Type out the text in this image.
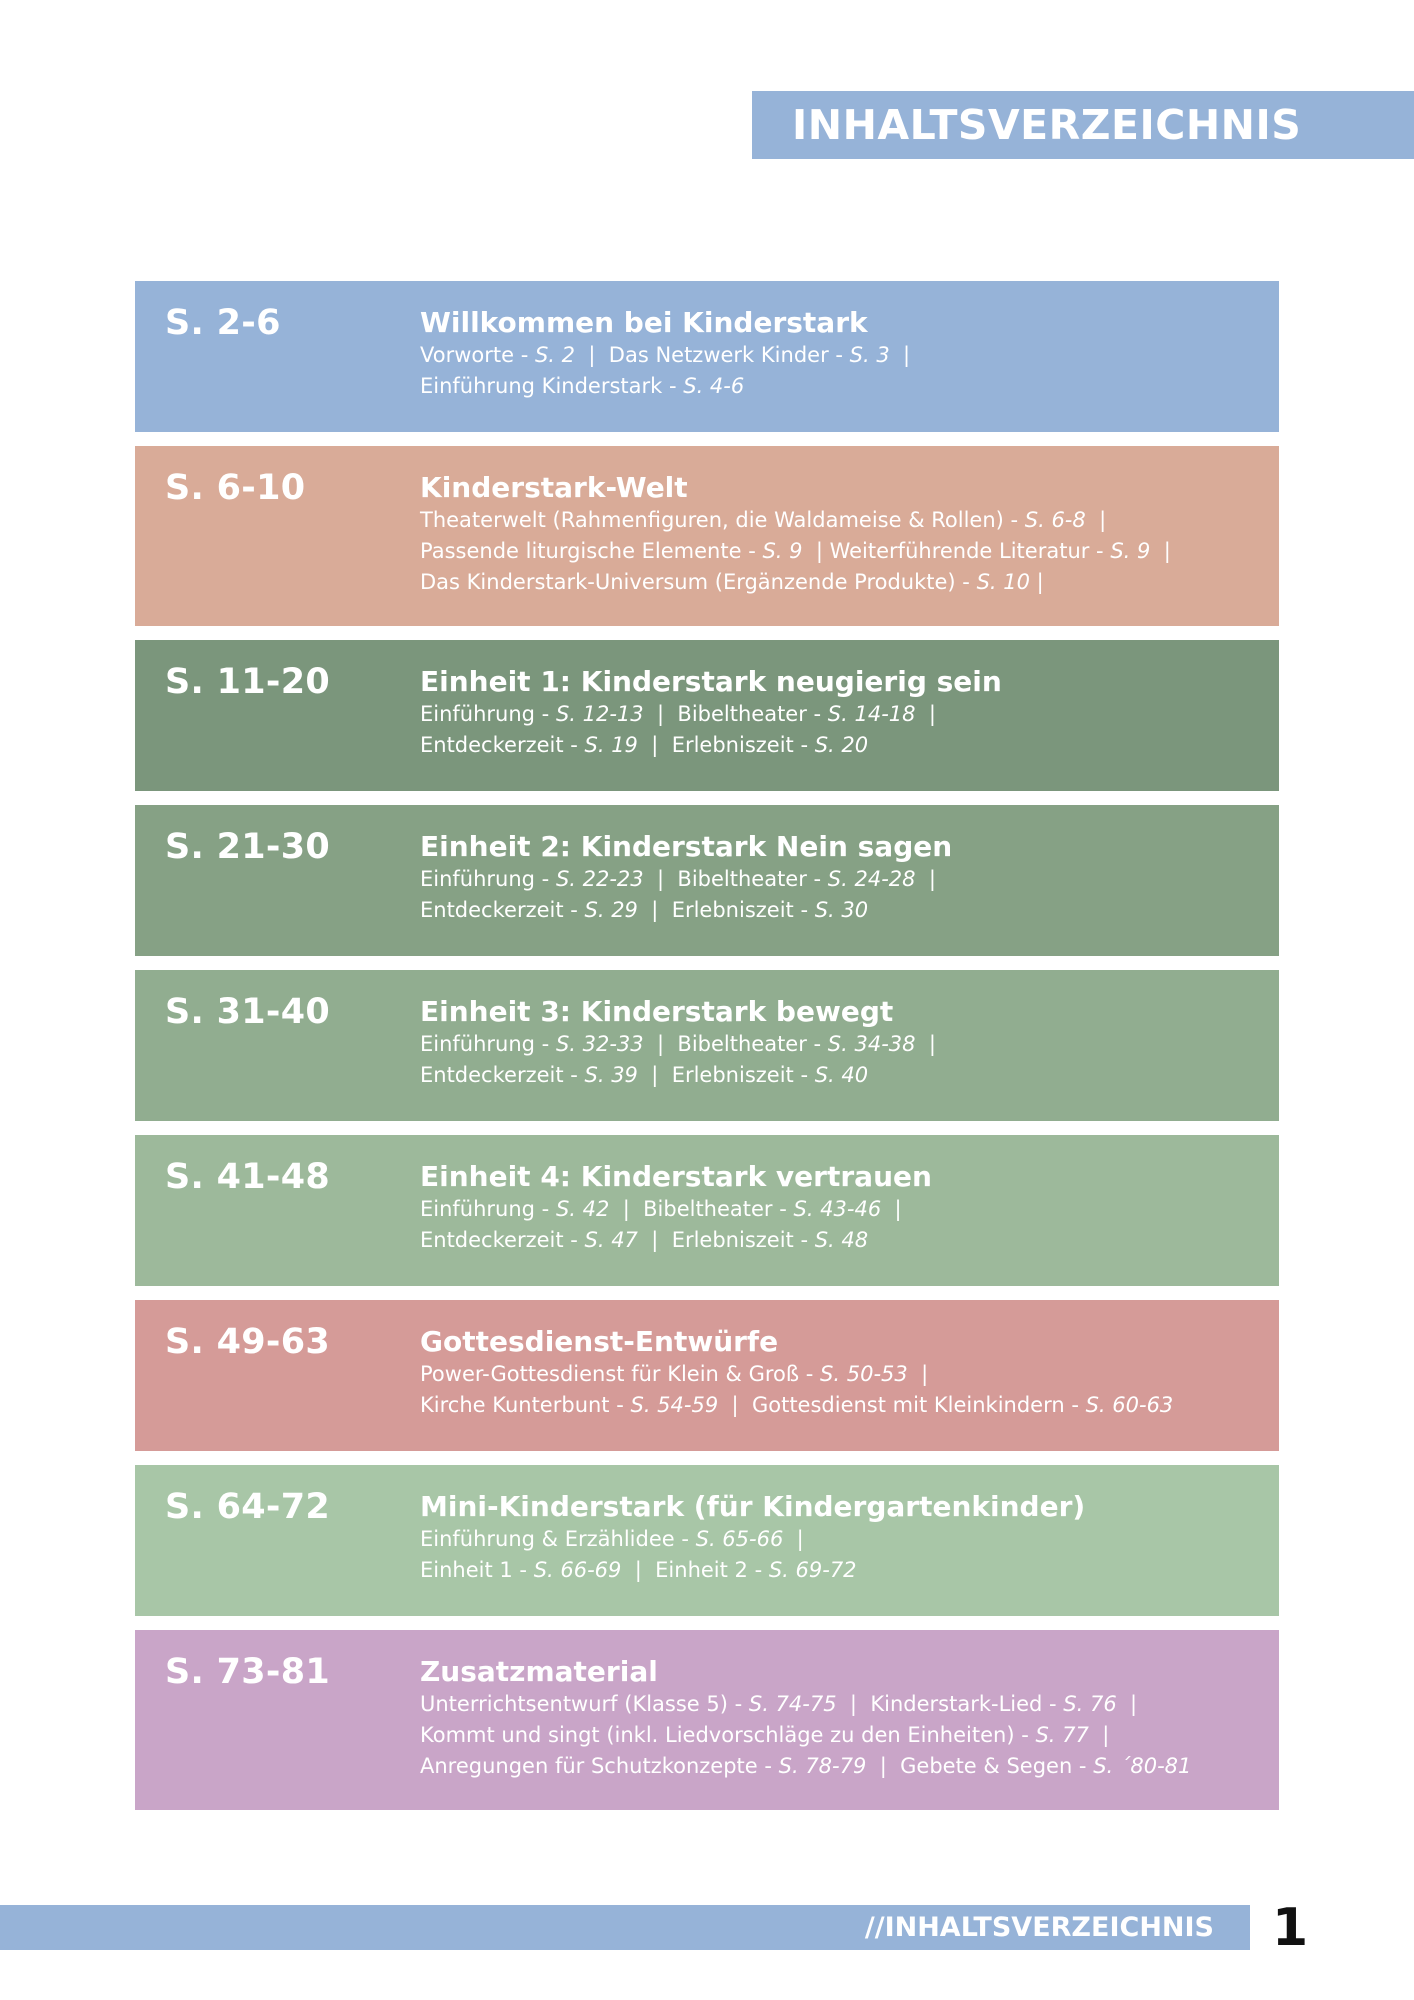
INHALTSVERZEICHNIS
S. 2-6	Willkommen bei Kinderstark
Vorworte - S. 2  |  Das Netzwerk Kinder - S. 3  |
Einführung Kinderstark - S. 4-6
S. 6-10	Kinderstark-Welt
Theaterwelt (Rahmenfiguren, die Waldameise & Rollen) - S. 6-8  |
Passende liturgische Elemente - S. 9  | Weiterführende Literatur - S. 9  |
Das Kinderstark-Universum (Ergänzende Produkte) - S. 10 |
S. 11-20	Einheit 1: Kinderstark neugierig sein
Einführung - S. 12-13  |  Bibeltheater - S. 14-18  |
Entdeckerzeit - S. 19  |  Erlebniszeit - S. 20
S. 21-30	Einheit 2: Kinderstark Nein sagen
Einführung - S. 22-23  |  Bibeltheater - S. 24-28  |
Entdeckerzeit - S. 29  |  Erlebniszeit - S. 30
S. 31-40	Einheit 3: Kinderstark bewegt
Einführung - S. 32-33  |  Bibeltheater - S. 34-38  |
Entdeckerzeit - S. 39  |  Erlebniszeit - S. 40
S. 41-48	Einheit 4: Kinderstark vertrauen
Einführung - S. 42  |  Bibeltheater - S. 43-46  |
Entdeckerzeit - S. 47  |  Erlebniszeit - S. 48
S. 49-63	Gottesdienst-Entwürfe
Power-Gottesdienst für Klein & Groß - S. 50-53  |
Kirche Kunterbunt - S. 54-59  |  Gottesdienst mit Kleinkindern - S. 60-63
S. 64-72	Mini-Kinderstark (für Kindergartenkinder)
Einführung & Erzählidee - S. 65-66  |
Einheit 1 - S. 66-69  |  Einheit 2 - S. 69-72
S. 73-81	Zusatzmaterial
Unterrichtsentwurf (Klasse 5) - S. 74-75  |  Kinderstark-Lied - S. 76  |
Kommt und singt (inkl. Liedvorschläge zu den Einheiten) - S. 77  |
Anregungen für Schutzkonzepte - S. 78-79  |  Gebete & Segen - S. ´80-81
//INHALTSVERZEICHNIS 1
